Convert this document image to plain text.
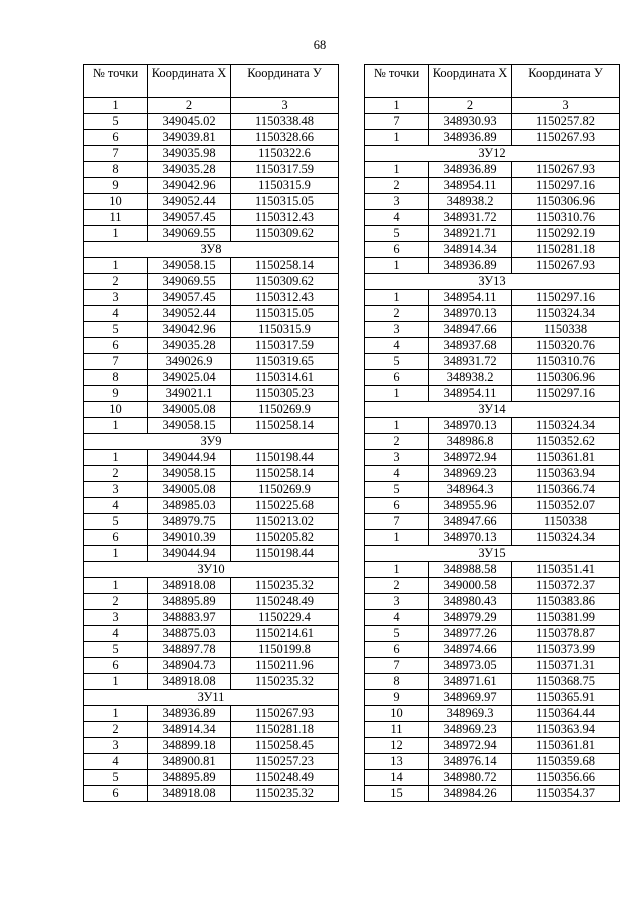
68
№ точки	Координата Х	Координата У
1	2	3
5	349045.02	1150338.48
6	349039.81	1150328.66
7	349035.98	1150322.6
8	349035.28	1150317.59
9	349042.96	1150315.9
10	349052.44	1150315.05
11	349057.45	1150312.43
1	349069.55	1150309.62
ЗУ8		
1	349058.15	1150258.14
2	349069.55	1150309.62
3	349057.45	1150312.43
4	349052.44	1150315.05
5	349042.96	1150315.9
6	349035.28	1150317.59
7	349026.9	1150319.65
8	349025.04	1150314.61
9	349021.1	1150305.23
10	349005.08	1150269.9
1	349058.15	1150258.14
ЗУ9		
1	349044.94	1150198.44
2	349058.15	1150258.14
3	349005.08	1150269.9
4	348985.03	1150225.68
5	348979.75	1150213.02
6	349010.39	1150205.82
1	349044.94	1150198.44
ЗУ10		
1	348918.08	1150235.32
2	348895.89	1150248.49
3	348883.97	1150229.4
4	348875.03	1150214.61
5	348897.78	1150199.8
6	348904.73	1150211.96
1	348918.08	1150235.32
ЗУ11		
1	348936.89	1150267.93
2	348914.34	1150281.18
3	348899.18	1150258.45
4	348900.81	1150257.23
5	348895.89	1150248.49
6	348918.08	1150235.32
№ точки	Координата Х	Координата У
1	2	3
7	348930.93	1150257.82
1	348936.89	1150267.93
ЗУ12		
1	348936.89	1150267.93
2	348954.11	1150297.16
3	348938.2	1150306.96
4	348931.72	1150310.76
5	348921.71	1150292.19
6	348914.34	1150281.18
1	348936.89	1150267.93
ЗУ13		
1	348954.11	1150297.16
2	348970.13	1150324.34
3	348947.66	1150338
4	348937.68	1150320.76
5	348931.72	1150310.76
6	348938.2	1150306.96
1	348954.11	1150297.16
ЗУ14		
1	348970.13	1150324.34
2	348986.8	1150352.62
3	348972.94	1150361.81
4	348969.23	1150363.94
5	348964.3	1150366.74
6	348955.96	1150352.07
7	348947.66	1150338
1	348970.13	1150324.34
ЗУ15		
1	348988.58	1150351.41
2	349000.58	1150372.37
3	348980.43	1150383.86
4	348979.29	1150381.99
5	348977.26	1150378.87
6	348974.66	1150373.99
7	348973.05	1150371.31
8	348971.61	1150368.75
9	348969.97	1150365.91
10	348969.3	1150364.44
11	348969.23	1150363.94
12	348972.94	1150361.81
13	348976.14	1150359.68
14	348980.72	1150356.66
15	348984.26	1150354.37
